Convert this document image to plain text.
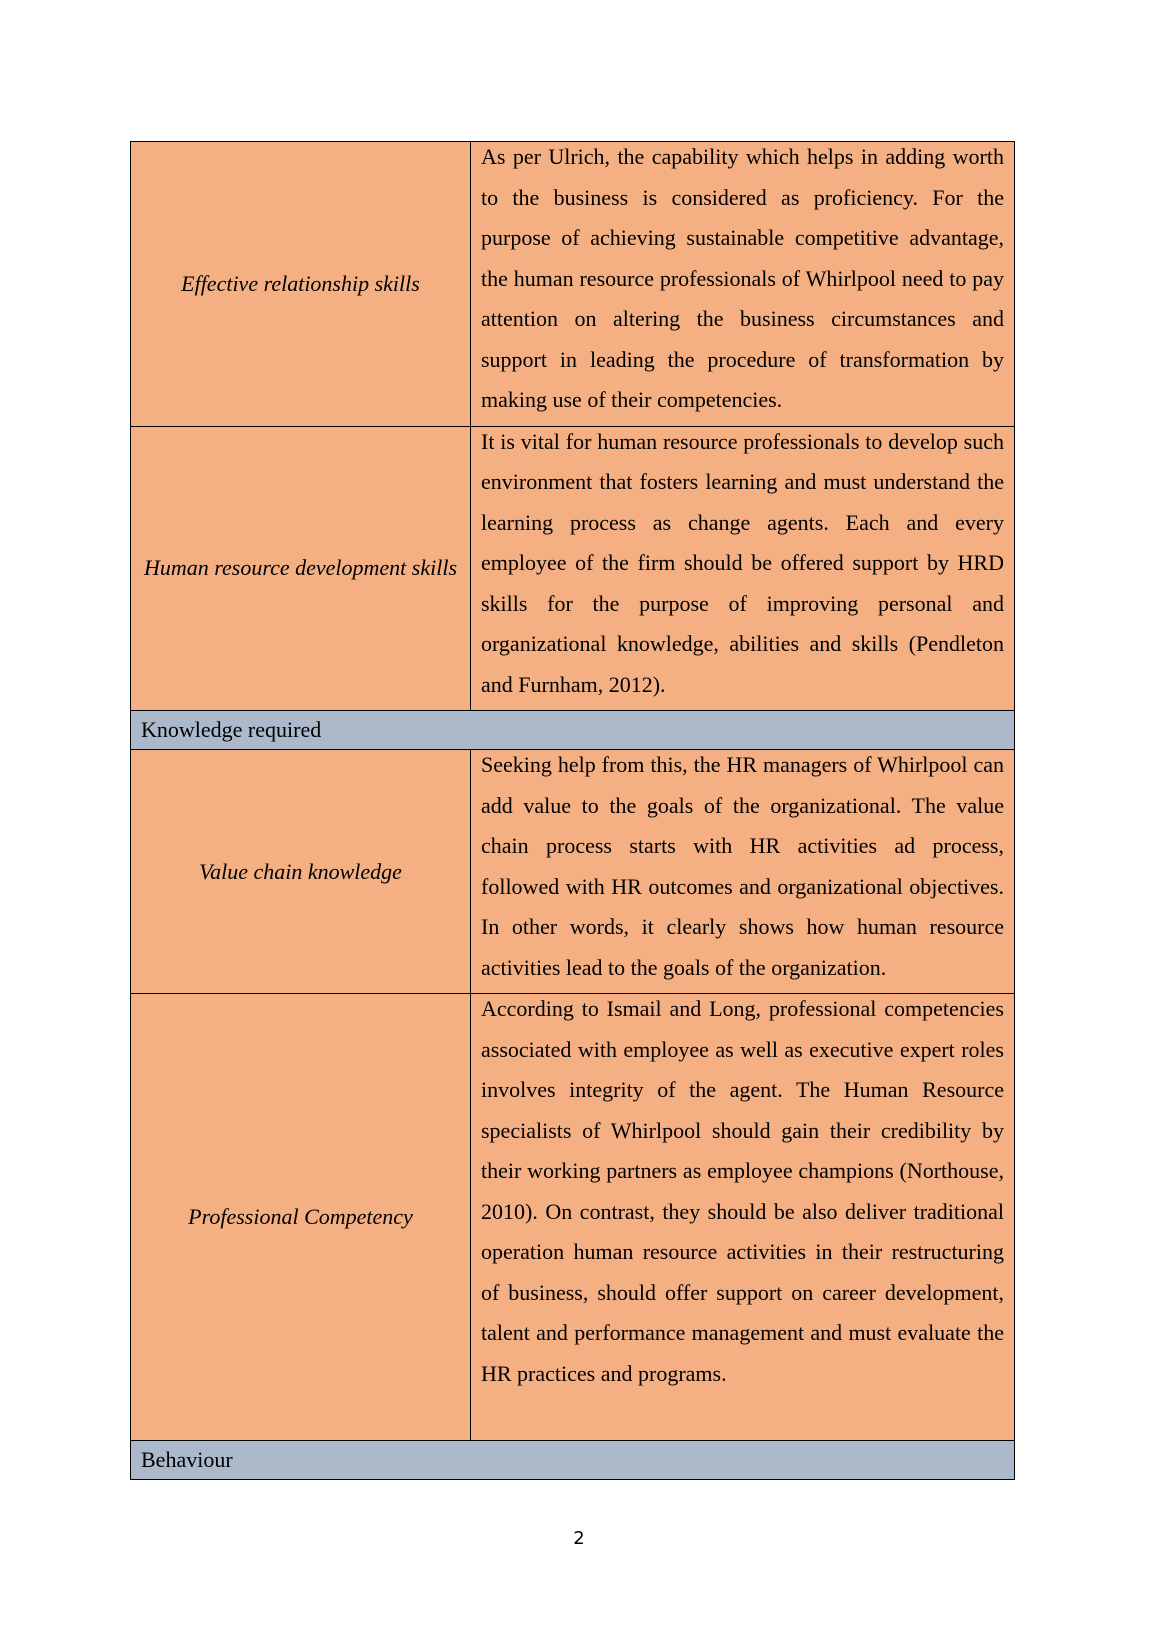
Effective relationship skills	As per Ulrich, the capability which helps in adding worth to the business is considered as proficiency. For the purpose of achieving sustainable competitive advantage, the human resource professionals of Whirlpool need to pay attention on altering the business circumstances and support in leading the procedure of transformation by making use of their competencies.

Human resource development skills	It is vital for human resource professionals to develop such environment that fosters learning and must understand the learning process as change agents. Each and every employee of the firm should be offered support by HRD skills for the purpose of improving personal and organizational knowledge, abilities and skills (Pendleton and Furnham, 2012).

Knowledge required	
Value chain knowledge	Seeking help from this, the HR managers of Whirlpool can add value to the goals of the organizational. The value chain process starts with HR activities ad process, followed with HR outcomes and organizational objectives. In other words, it clearly shows how human resource activities lead to the goals of the organization.

Professional Competency	According to Ismail and Long, professional competencies associated with employee as well as executive expert roles involves integrity of the agent. The Human Resource specialists of Whirlpool should gain their credibility by their working partners as employee champions (Northouse, 2010). On contrast, they should be also deliver traditional operation human resource activities in their restructuring of business, should offer support on career development, talent and performance management and must evaluate the HR practices and programs.

Behaviour	
2
